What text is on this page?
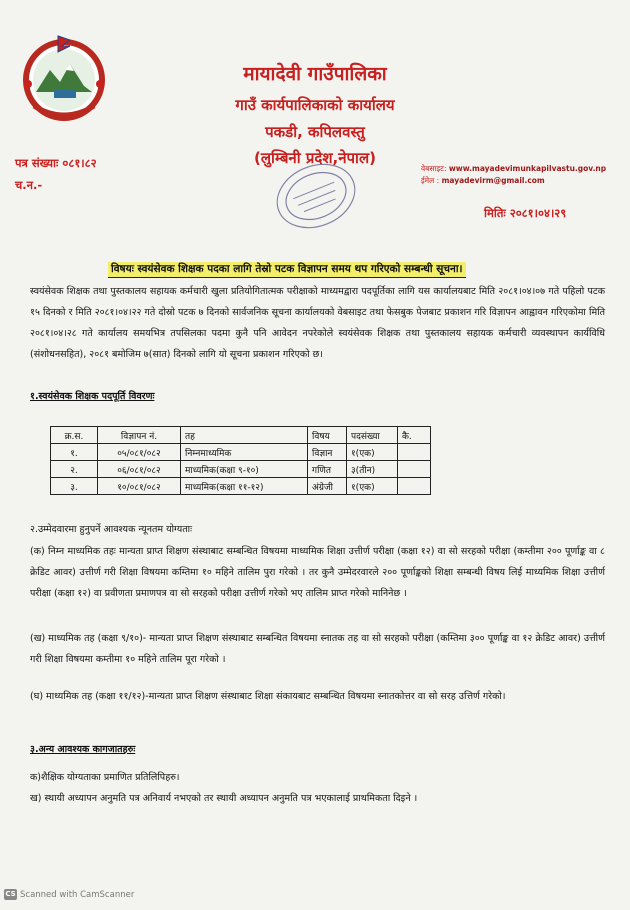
मायादेवी गाउँपालिका
गाउँ कार्यपालिकाको कार्यालय
पकडी, कपिलवस्तु
(लुम्बिनी प्रदेश,नेपाल)
पत्र संख्याः ०८१।८२
च.न.-
वेबसाइट: www.mayadevimunkapilvastu.gov.np
ईमेल : mayadevirm@gmail.com
मितिः २०८१।०४।२९
विषयः स्वयंसेवक शिक्षक पदका लागि तेस्रो पटक विज्ञापन समय थप गरिएको सम्बन्धी सूचना।
स्वयंसेवक शिक्षक तथा पुस्तकालय सहायक कर्मचारी खुला प्रतियोगितात्मक परीक्षाको माध्यमद्वारा पदपूर्तिका लागि यस कार्यालयबाट मिति २०८१।०४।०७ गते पहिलो पटक १५ दिनको र मिति २०८१।०४।२२ गते दोस्रो पटक ७ दिनको सार्वजनिक सूचना कार्यालयको वेबसाइट तथा फेसबुक पेजबाट प्रकाशन गरि विज्ञापन आह्वावन गरिएकोमा मिति २०८१।०४।२८ गते कार्यालय समयभित्र तपसिलका पदमा कुनै पनि आवेदन नपरेकोले स्वयंसेवक शिक्षक तथा पुस्तकालय सहायक कर्मचारी व्यवस्थापन कार्यविधि (संशोधनसहित), २०८१ बमोजिम ७(सात) दिनको लागि यो सूचना प्रकाशन गरिएको छ।
१.स्वयंसेवक शिक्षक पदपूर्ति विवरणः
क्र.स.	विज्ञापन नं.	तह	विषय	पदसंख्या	कै.
१.	०५/०८१/०८२	निम्नमाध्यमिक	विज्ञान	१(एक)	
२.	०६/०८१/०८२	माध्यमिक(कक्षा ९-१०)	गणित	३(तीन)	
३.	१०/०८१/०८२	माध्यमिक(कक्षा ११-१२)	अंग्रेजी	१(एक)	
२.उम्मेदवारमा हुनुपर्ने आवश्यक न्यूनतम योग्यताः
(क) निम्न माध्यमिक तहः मान्यता प्राप्त शिक्षण संस्थाबाट सम्बन्धित विषयमा माध्यमिक शिक्षा उत्तीर्ण परीक्षा (कक्षा १२) वा सो सरहको परीक्षा (कम्तीमा २०० पूर्णाङ्क वा ८ क्रेडिट आवर) उत्तीर्ण गरी शिक्षा विषयमा कम्तिमा १० महिने तालिम पुरा गरेको । तर कुनै उम्मेदरवारले २०० पूर्णाङ्कको शिक्षा सम्बन्धी विषय लिई माध्यमिक शिक्षा उत्तीर्ण परीक्षा (कक्षा १२) वा प्रवीणता प्रमाणपत्र वा सो सरहको परीक्षा उत्तीर्ण गरेको भए तालिम प्राप्त गरेको मानिनेछ ।
(ख) माध्यमिक तह (कक्षा ९/१०)- मान्यता प्राप्त शिक्षण संस्थाबाट सम्बन्धित विषयमा स्नातक तह वा सो सरहको परीक्षा (कम्तिमा ३०० पूर्णाङ्क वा १२ क्रेडिट आवर) उत्तीर्ण गरी शिक्षा विषयमा कम्तीमा १० महिने तालिम पूरा गरेको ।
(घ) माध्यमिक तह (कक्षा ११/१२)-मान्यता प्राप्त शिक्षण संस्थाबाट शिक्षा संकायबाट सम्बन्धित विषयमा स्नातकोत्तर वा सो सरह उत्तिर्ण गरेको।
३.अन्य आवश्यक कागजातहरुः
क)शैक्षिक योग्यताका प्रमाणित प्रतिलिपिहरु।
ख) स्थायी अध्यापन अनुमति पत्र अनिवार्य नभएको तर स्थायी अध्यापन अनुमति पत्र भएकालाई प्राथमिकता दिइने ।
CS Scanned with CamScanner
